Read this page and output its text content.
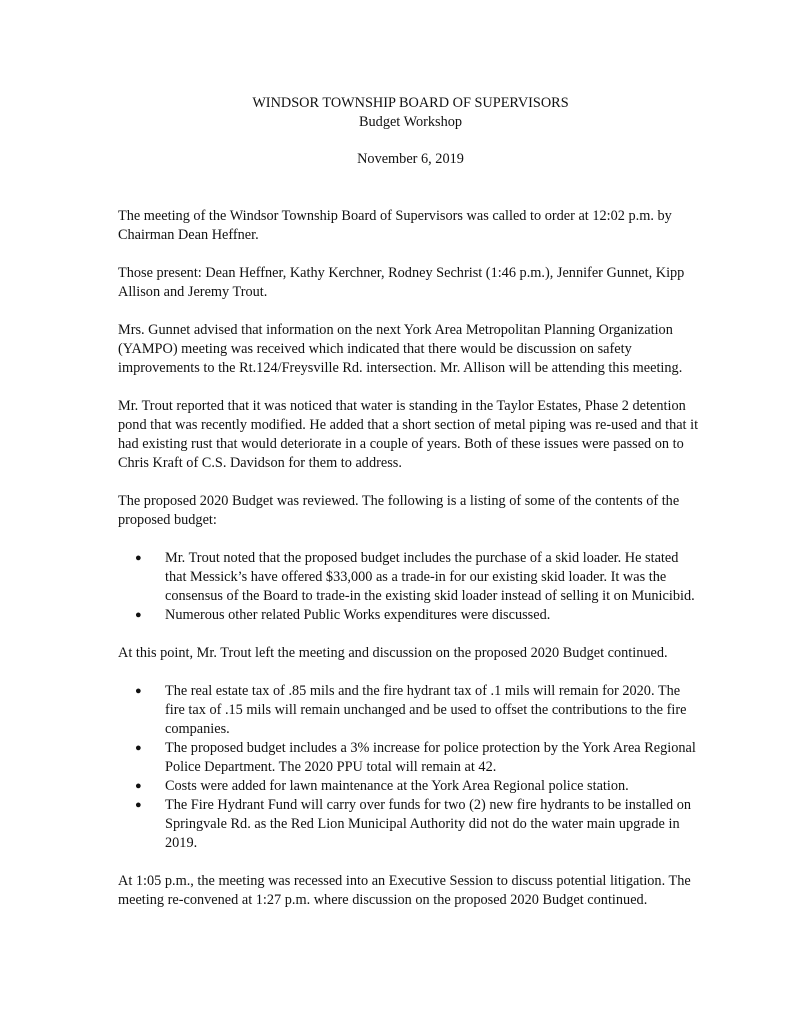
WINDSOR TOWNSHIP BOARD OF SUPERVISORS
Budget Workshop
November 6, 2019

The meeting of the Windsor Township Board of Supervisors was called to order at 12:02 p.m. by Chairman Dean Heffner.

Those present: Dean Heffner, Kathy Kerchner, Rodney Sechrist (1:46 p.m.), Jennifer Gunnet, Kipp Allison and Jeremy Trout.

Mrs. Gunnet advised that information on the next York Area Metropolitan Planning Organization (YAMPO) meeting was received which indicated that there would be discussion on safety improvements to the Rt.124/Freysville Rd. intersection. Mr. Allison will be attending this meeting.

Mr. Trout reported that it was noticed that water is standing in the Taylor Estates, Phase 2 detention pond that was recently modified. He added that a short section of metal piping was re-used and that it had existing rust that would deteriorate in a couple of years. Both of these issues were passed on to Chris Kraft of C.S. Davidson for them to address.

The proposed 2020 Budget was reviewed. The following is a listing of some of the contents of the proposed budget:

● Mr. Trout noted that the proposed budget includes the purchase of a skid loader. He stated that Messick’s have offered $33,000 as a trade-in for our existing skid loader. It was the consensus of the Board to trade-in the existing skid loader instead of selling it on Municibid.
● Numerous other related Public Works expenditures were discussed.

At this point, Mr. Trout left the meeting and discussion on the proposed 2020 Budget continued.

● The real estate tax of .85 mils and the fire hydrant tax of .1 mils will remain for 2020. The fire tax of .15 mils will remain unchanged and be used to offset the contributions to the fire companies.
● The proposed budget includes a 3% increase for police protection by the York Area Regional Police Department. The 2020 PPU total will remain at 42.
● Costs were added for lawn maintenance at the York Area Regional police station.
● The Fire Hydrant Fund will carry over funds for two (2) new fire hydrants to be installed on Springvale Rd. as the Red Lion Municipal Authority did not do the water main upgrade in 2019.

At 1:05 p.m., the meeting was recessed into an Executive Session to discuss potential litigation. The meeting re-convened at 1:27 p.m. where discussion on the proposed 2020 Budget continued.
